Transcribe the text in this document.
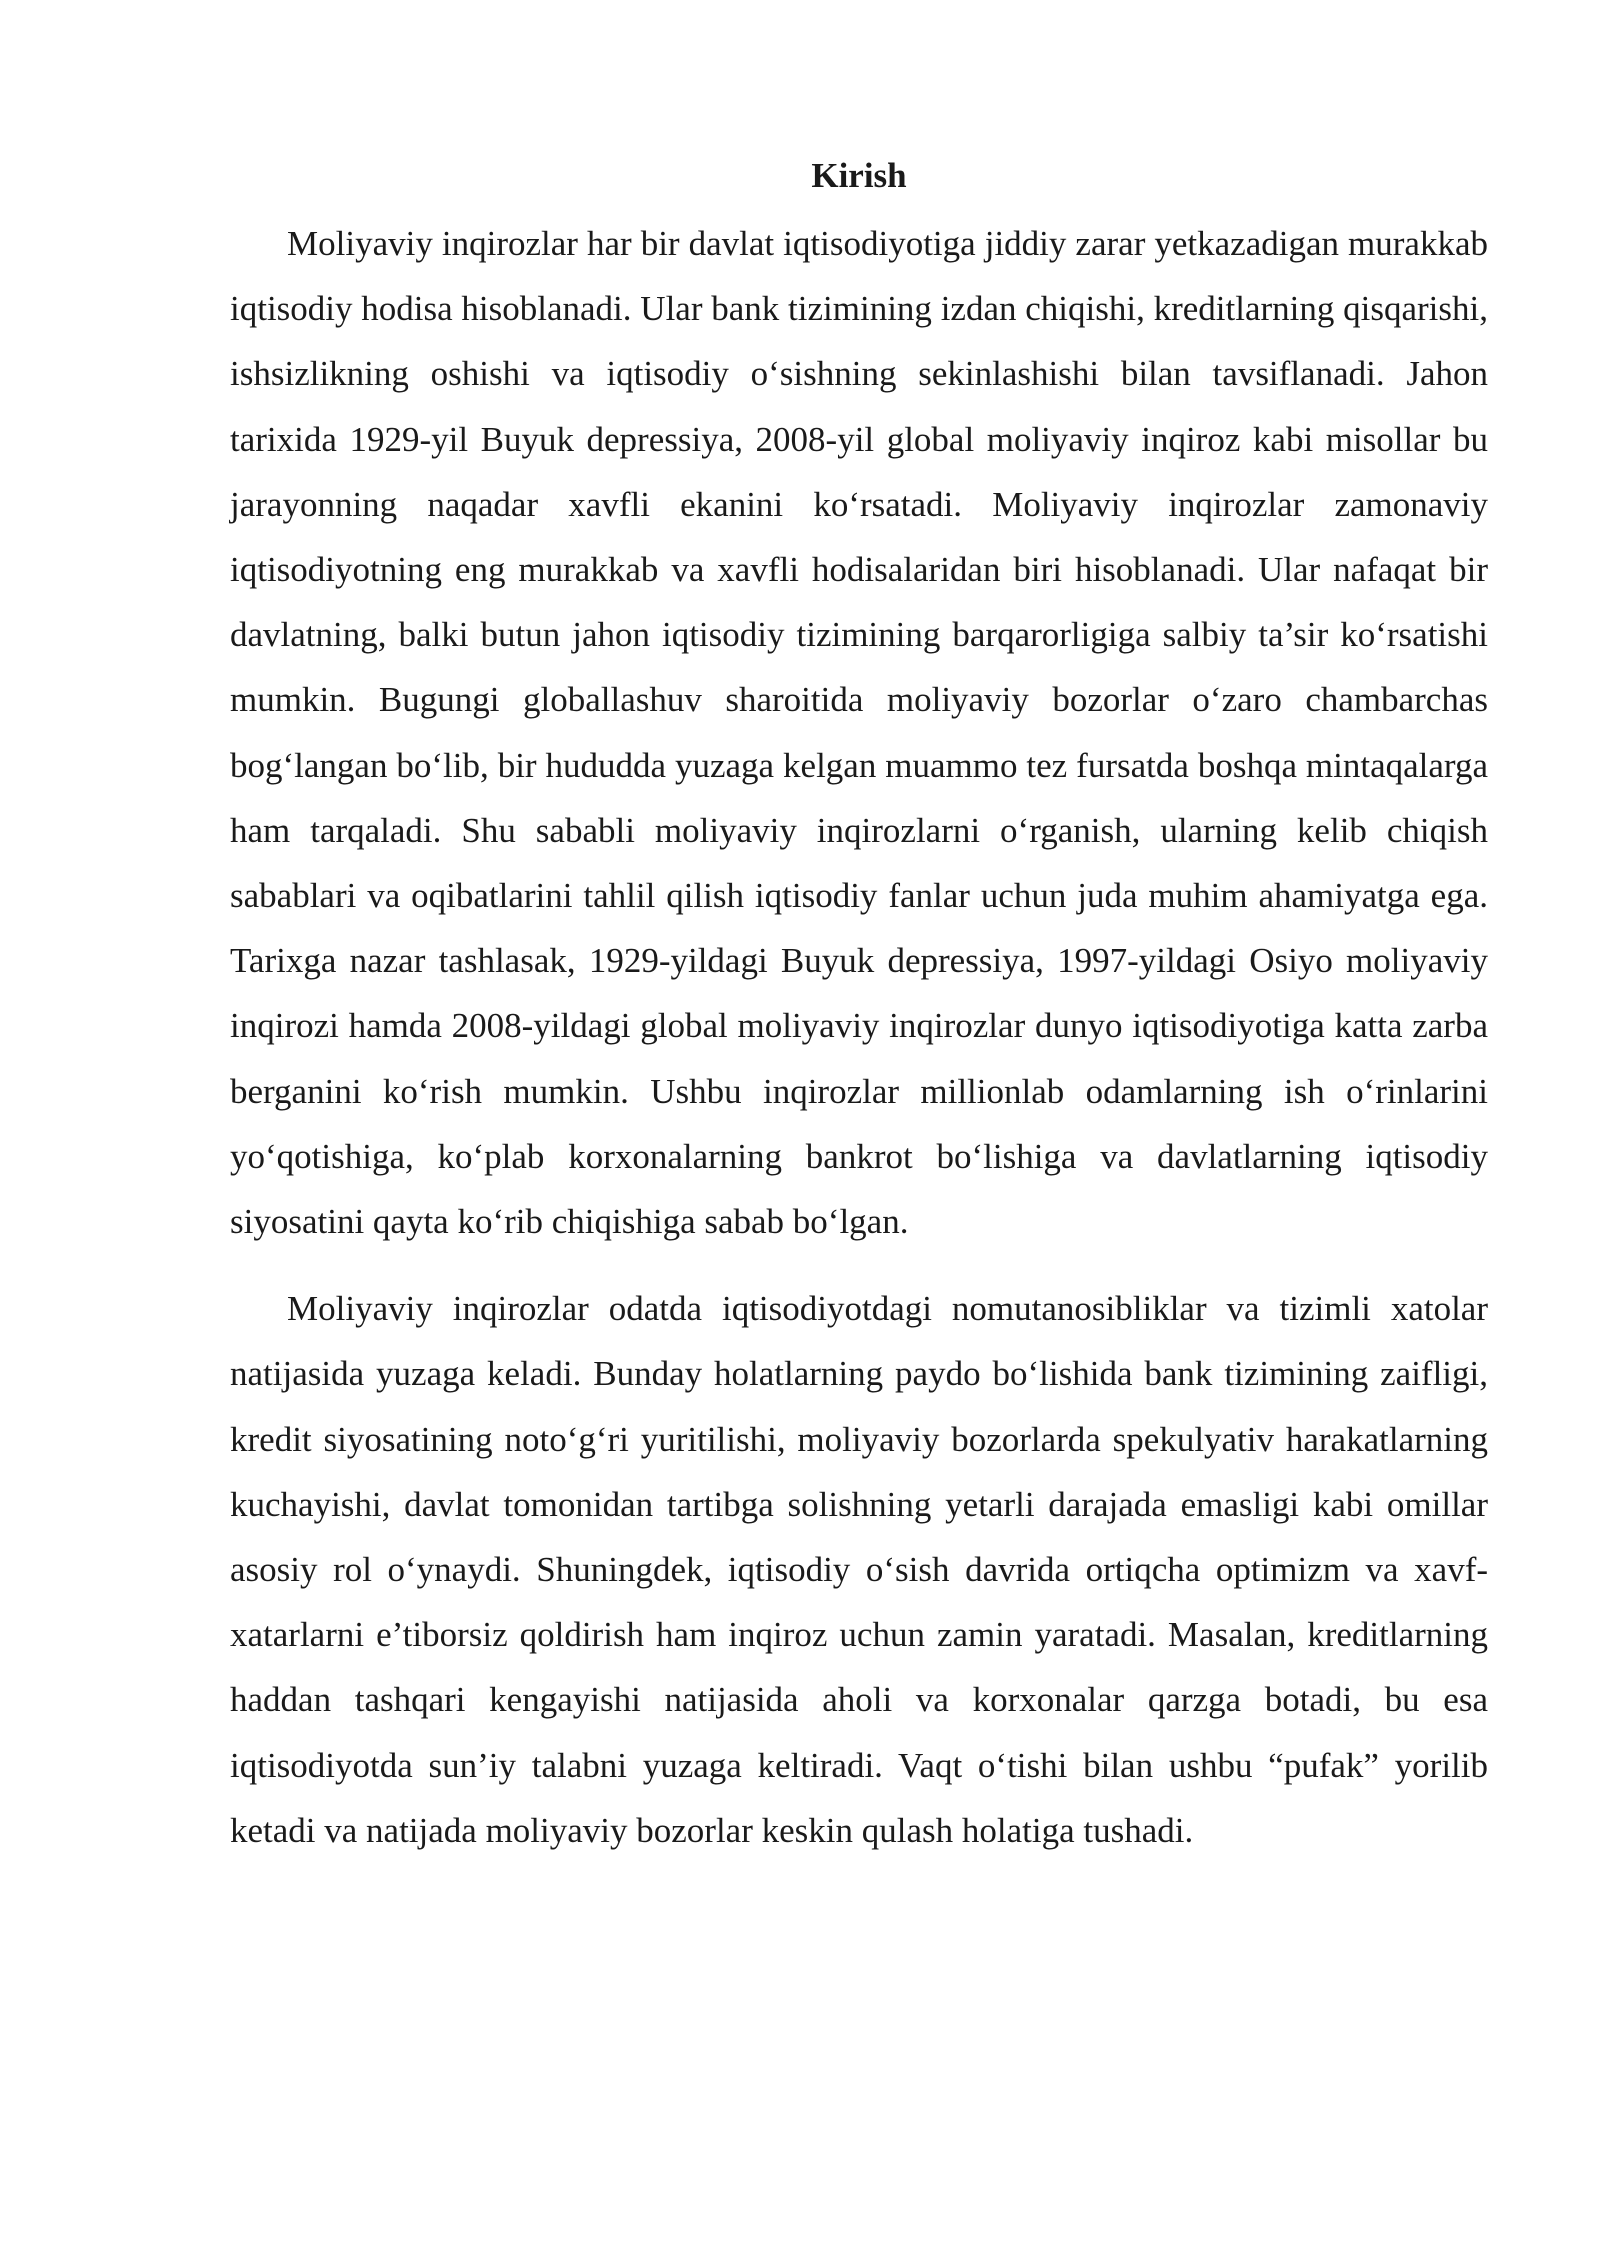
Kirish

Moliyaviy inqirozlar har bir davlat iqtisodiyotiga jiddiy zarar yetkazadigan murakkab iqtisodiy hodisa hisoblanadi. Ular bank tizimining izdan chiqishi, kreditlarning qisqarishi, ishsizlikning oshishi va iqtisodiy o‘sishning sekinlashishi bilan tavsiflanadi. Jahon tarixida 1929-yil Buyuk depressiya, 2008-yil global moliyaviy inqiroz kabi misollar bu jarayonning naqadar xavfli ekanini ko‘rsatadi. Moliyaviy inqirozlar zamonaviy iqtisodiyotning eng murakkab va xavfli hodisalaridan biri hisoblanadi. Ular nafaqat bir davlatning, balki butun jahon iqtisodiy tizimining barqarorligiga salbiy ta’sir ko‘rsatishi mumkin. Bugungi globallashuv sharoitida moliyaviy bozorlar o‘zaro chambarchas bog‘langan bo‘lib, bir hududda yuzaga kelgan muammo tez fursatda boshqa mintaqalarga ham tarqaladi. Shu sababli moliyaviy inqirozlarni o‘rganish, ularning kelib chiqish sabablari va oqibatlarini tahlil qilish iqtisodiy fanlar uchun juda muhim ahamiyatga ega. Tarixga nazar tashlasak, 1929-yildagi Buyuk depressiya, 1997-yildagi Osiyo moliyaviy inqirozi hamda 2008-yildagi global moliyaviy inqirozlar dunyo iqtisodiyotiga katta zarba berganini ko‘rish mumkin. Ushbu inqirozlar millionlab odamlarning ish o‘rinlarini yo‘qotishiga, ko‘plab korxonalarning bankrot bo‘lishiga va davlatlarning iqtisodiy siyosatini qayta ko‘rib chiqishiga sabab bo‘lgan.

Moliyaviy inqirozlar odatda iqtisodiyotdagi nomutanosibliklar va tizimli xatolar natijasida yuzaga keladi. Bunday holatlarning paydo bo‘lishida bank tizimining zaifligi, kredit siyosatining noto‘g‘ri yuritilishi, moliyaviy bozorlarda spekulyativ harakatlarning kuchayishi, davlat tomonidan tartibga solishning yetarli darajada emasligi kabi omillar asosiy rol o‘ynaydi. Shuningdek, iqtisodiy o‘sish davrida ortiqcha optimizm va xavf-xatarlarni e’tiborsiz qoldirish ham inqiroz uchun zamin yaratadi. Masalan, kreditlarning haddan tashqari kengayishi natijasida aholi va korxonalar qarzga botadi, bu esa iqtisodiyotda sun’iy talabni yuzaga keltiradi. Vaqt o‘tishi bilan ushbu “pufak” yorilib ketadi va natijada moliyaviy bozorlar keskin qulash holatiga tushadi.
